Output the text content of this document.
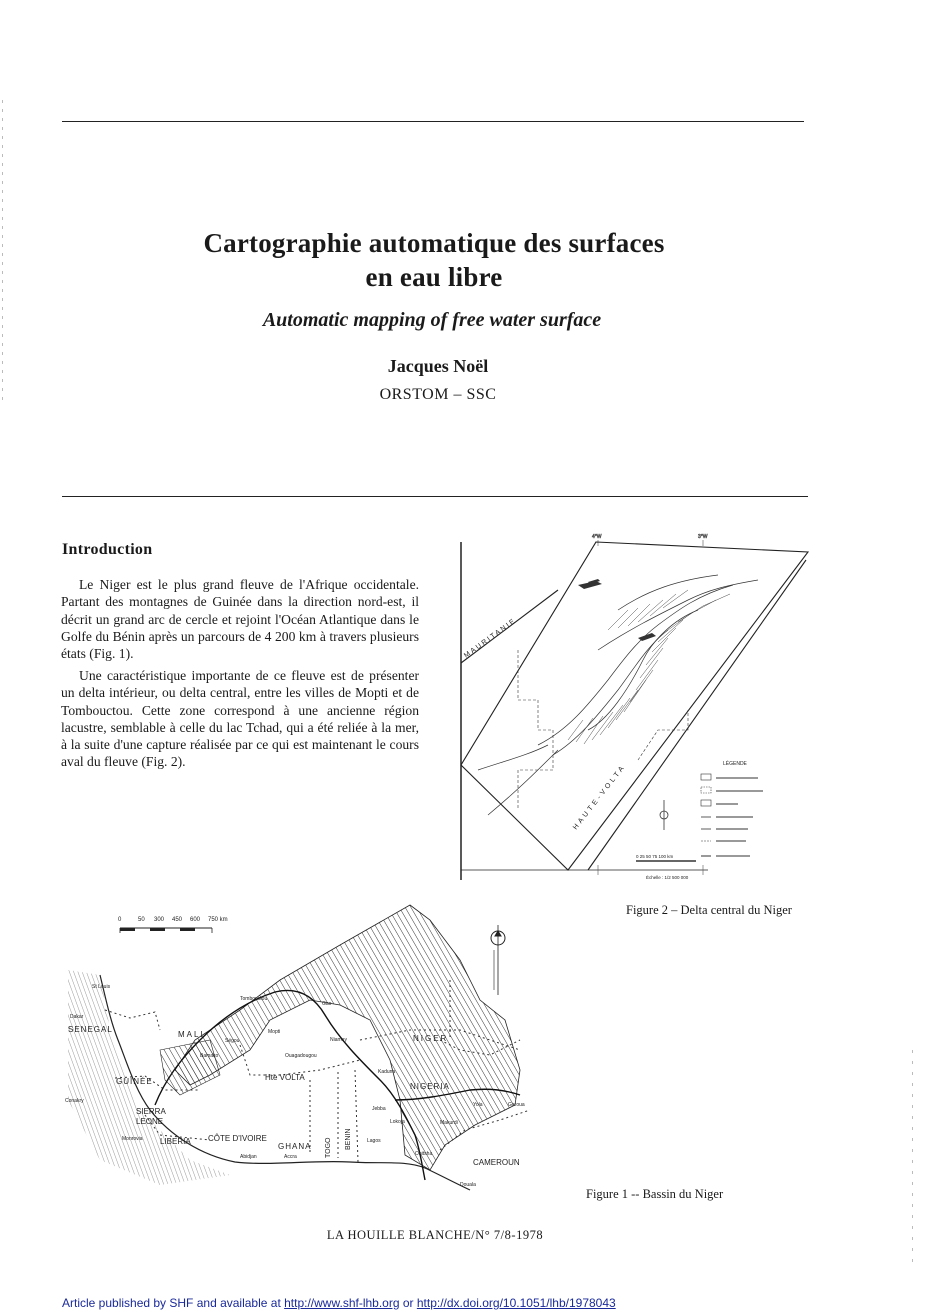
Cartographie automatique des surfaces
en eau libre
Automatic mapping of free water surface
Jacques Noël
ORSTOM – SSC
Introduction

Le Niger est le plus grand fleuve de l'Afrique occidentale. Partant des montagnes de Guinée dans la direction nord-est, il décrit un grand arc de cercle et rejoint l'Océan Atlantique dans le Golfe du Bénin après un parcours de 4 200 km à travers plusieurs états (Fig. 1).

Une caractéristique importante de ce fleuve est de présenter un delta intérieur, ou delta central, entre les villes de Mopti et de Tombouctou. Cette zone correspond à une ancienne région lacustre, semblable à celle du lac Tchad, qui a été reliée à la mer, à la suite d'une capture réalisée par ce qui est maintenant le cours aval du fleuve (Fig. 2).

4°W	3°W
MAURITANIE
HAUTE-VOLTA	LÉGENDE
0 25 50 75 100 km
Échelle : 1/2 500 000
Figure 2 – Delta central du Niger
0	50 300 450 600 750 km
SENEGAL
MALI
GUINÉE
SIERRA
LEONE
LIBERIA CÔTE D'IVOIRE
GHANA TOGO BENIN
Hte VOLTA
NIGER
NIGERIA
CAMEROUN
St Louis
Dakar
Conakry
Bamako
Ségou
Tombouctou
Mopti
Gao
Niamey
Ouagadougou
Kaduna
Jebba
Makurdi
Lokoja
Yola	Garoua
Lagos
Onitsha
Douala
Abidjan	Accra
Monrovia
Figure 1 -- Bassin du Niger
LA HOUILLE BLANCHE/N° 7/8-1978
Article published by SHF and available at http://www.shf-lhb.org or http://dx.doi.org/10.1051/lhb/1978043
